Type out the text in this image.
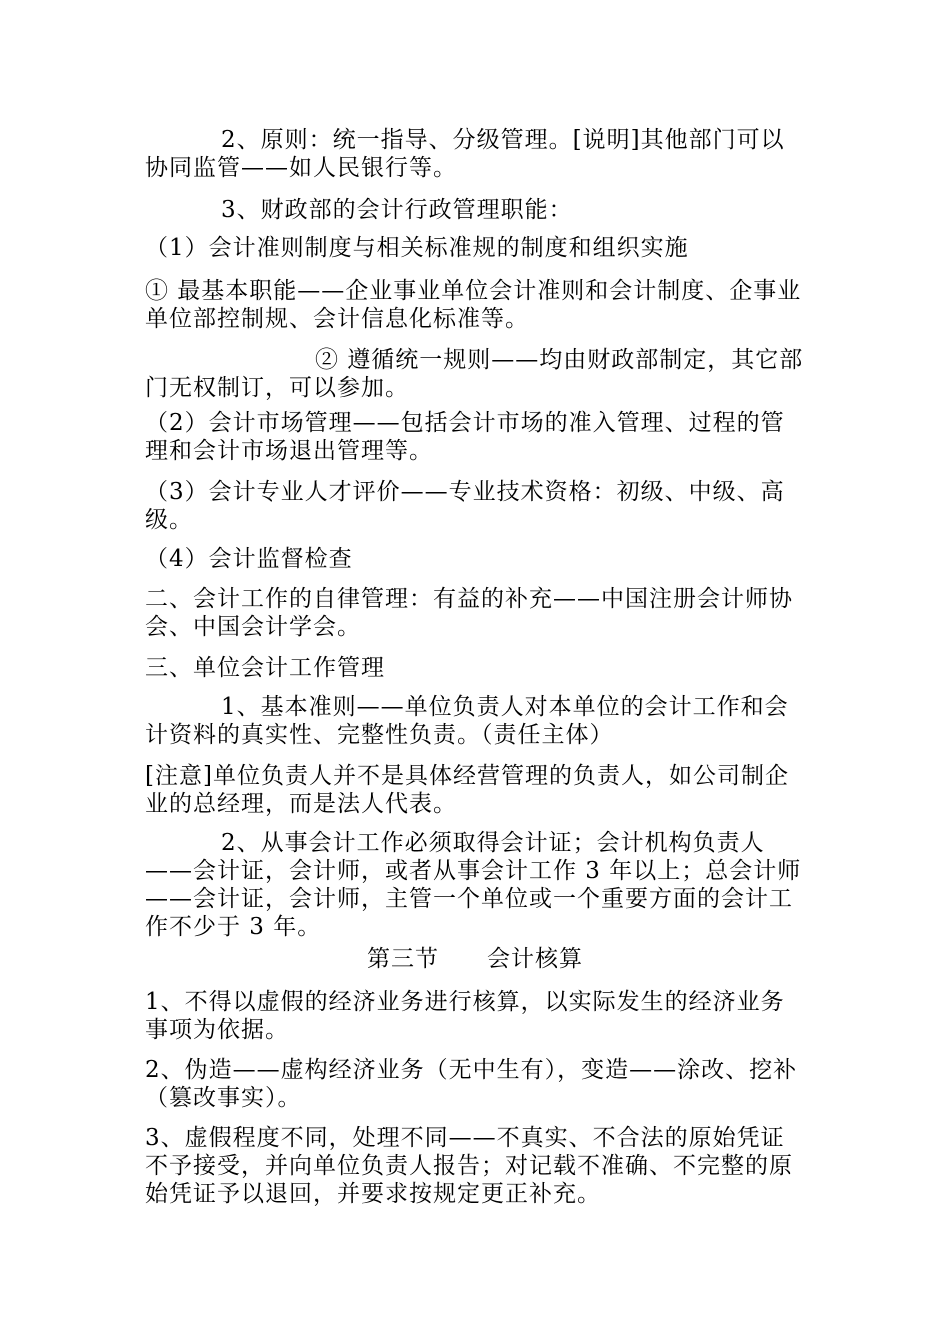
2、原则：统一指导、分级管理。[说明]其他部门可以协同监管——如人民银行等。

3、财政部的会计行政管理职能：

（1）会计准则制度与相关标准规的制度和组织实施

① 最基本职能——企业事业单位会计准则和会计制度、企事业单位部控制规、会计信息化标准等。

② 遵循统一规则——均由财政部制定，其它部门无权制订，可以参加。

（2）会计市场管理——包括会计市场的准入管理、过程的管理和会计市场退出管理等。

（3）会计专业人才评价——专业技术资格：初级、中级、高级。

（4）会计监督检查

二、会计工作的自律管理：有益的补充——中国注册会计师协会、中国会计学会。

三、单位会计工作管理

1、基本准则——单位负责人对本单位的会计工作和会计资料的真实性、完整性负责。（责任主体）

[注意]单位负责人并不是具体经营管理的负责人，如公司制企业的总经理，而是法人代表。

2、从事会计工作必须取得会计证；会计机构负责人——会计证，会计师，或者从事会计工作 3 年以上；总会计师——会计证，会计师，主管一个单位或一个重要方面的会计工作不少于 3 年。

第三节　　会计核算

1、不得以虚假的经济业务进行核算，以实际发生的经济业务事项为依据。

2、伪造——虚构经济业务（无中生有），变造——涂改、挖补（篡改事实）。

3、虚假程度不同，处理不同——不真实、不合法的原始凭证不予接受，并向单位负责人报告；对记载不准确、不完整的原始凭证予以退回，并要求按规定更正补充。
